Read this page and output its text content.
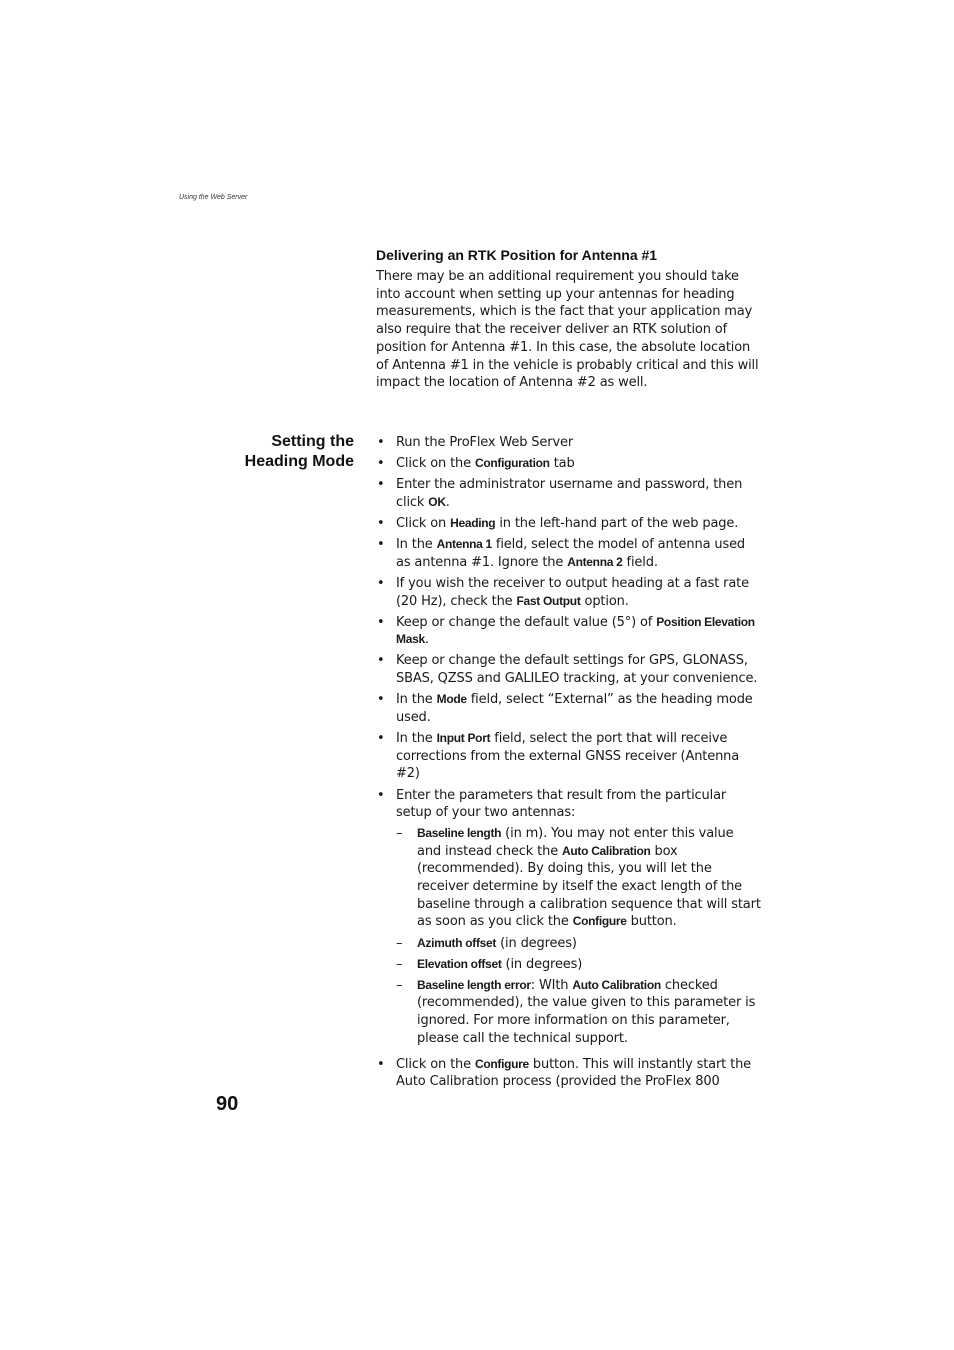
Using the Web Server
Delivering an RTK Position for Antenna #1

There may be an additional requirement you should take into account when setting up your antennas for heading measurements, which is the fact that your application may also require that the receiver deliver an RTK solution of position for Antenna #1. In this case, the absolute location of Antenna #1 in the vehicle is probably critical and this will impact the location of Antenna #2 as well.

Setting the
Heading Mode
• Run the ProFlex Web Server
• Click on the Configuration tab
• Enter the administrator username and password, then click OK.
• Click on Heading in the left-hand part of the web page.
• In the Antenna 1 field, select the model of antenna used as antenna #1. Ignore the Antenna 2 field.
• If you wish the receiver to output heading at a fast rate (20 Hz), check the Fast Output option.
• Keep or change the default value (5°) of Position Elevation Mask.
• Keep or change the default settings for GPS, GLONASS, SBAS, QZSS and GALILEO tracking, at your convenience.
• In the Mode field, select “External” as the heading mode used.
• In the Input Port field, select the port that will receive corrections from the external GNSS receiver (Antenna #2)
• Enter the parameters that result from the particular setup of your two antennas:
– Baseline length (in m). You may not enter this value and instead check the Auto Calibration box (recommended). By doing this, you will let the receiver determine by itself the exact length of the baseline through a calibration sequence that will start as soon as you click the Configure button.
– Azimuth offset (in degrees)
– Elevation offset (in degrees)
– Baseline length error: WIth Auto Calibration checked (recommended), the value given to this parameter is ignored. For more information on this parameter, please call the technical support.
• Click on the Configure button. This will instantly start the Auto Calibration process (provided the ProFlex 800
90
